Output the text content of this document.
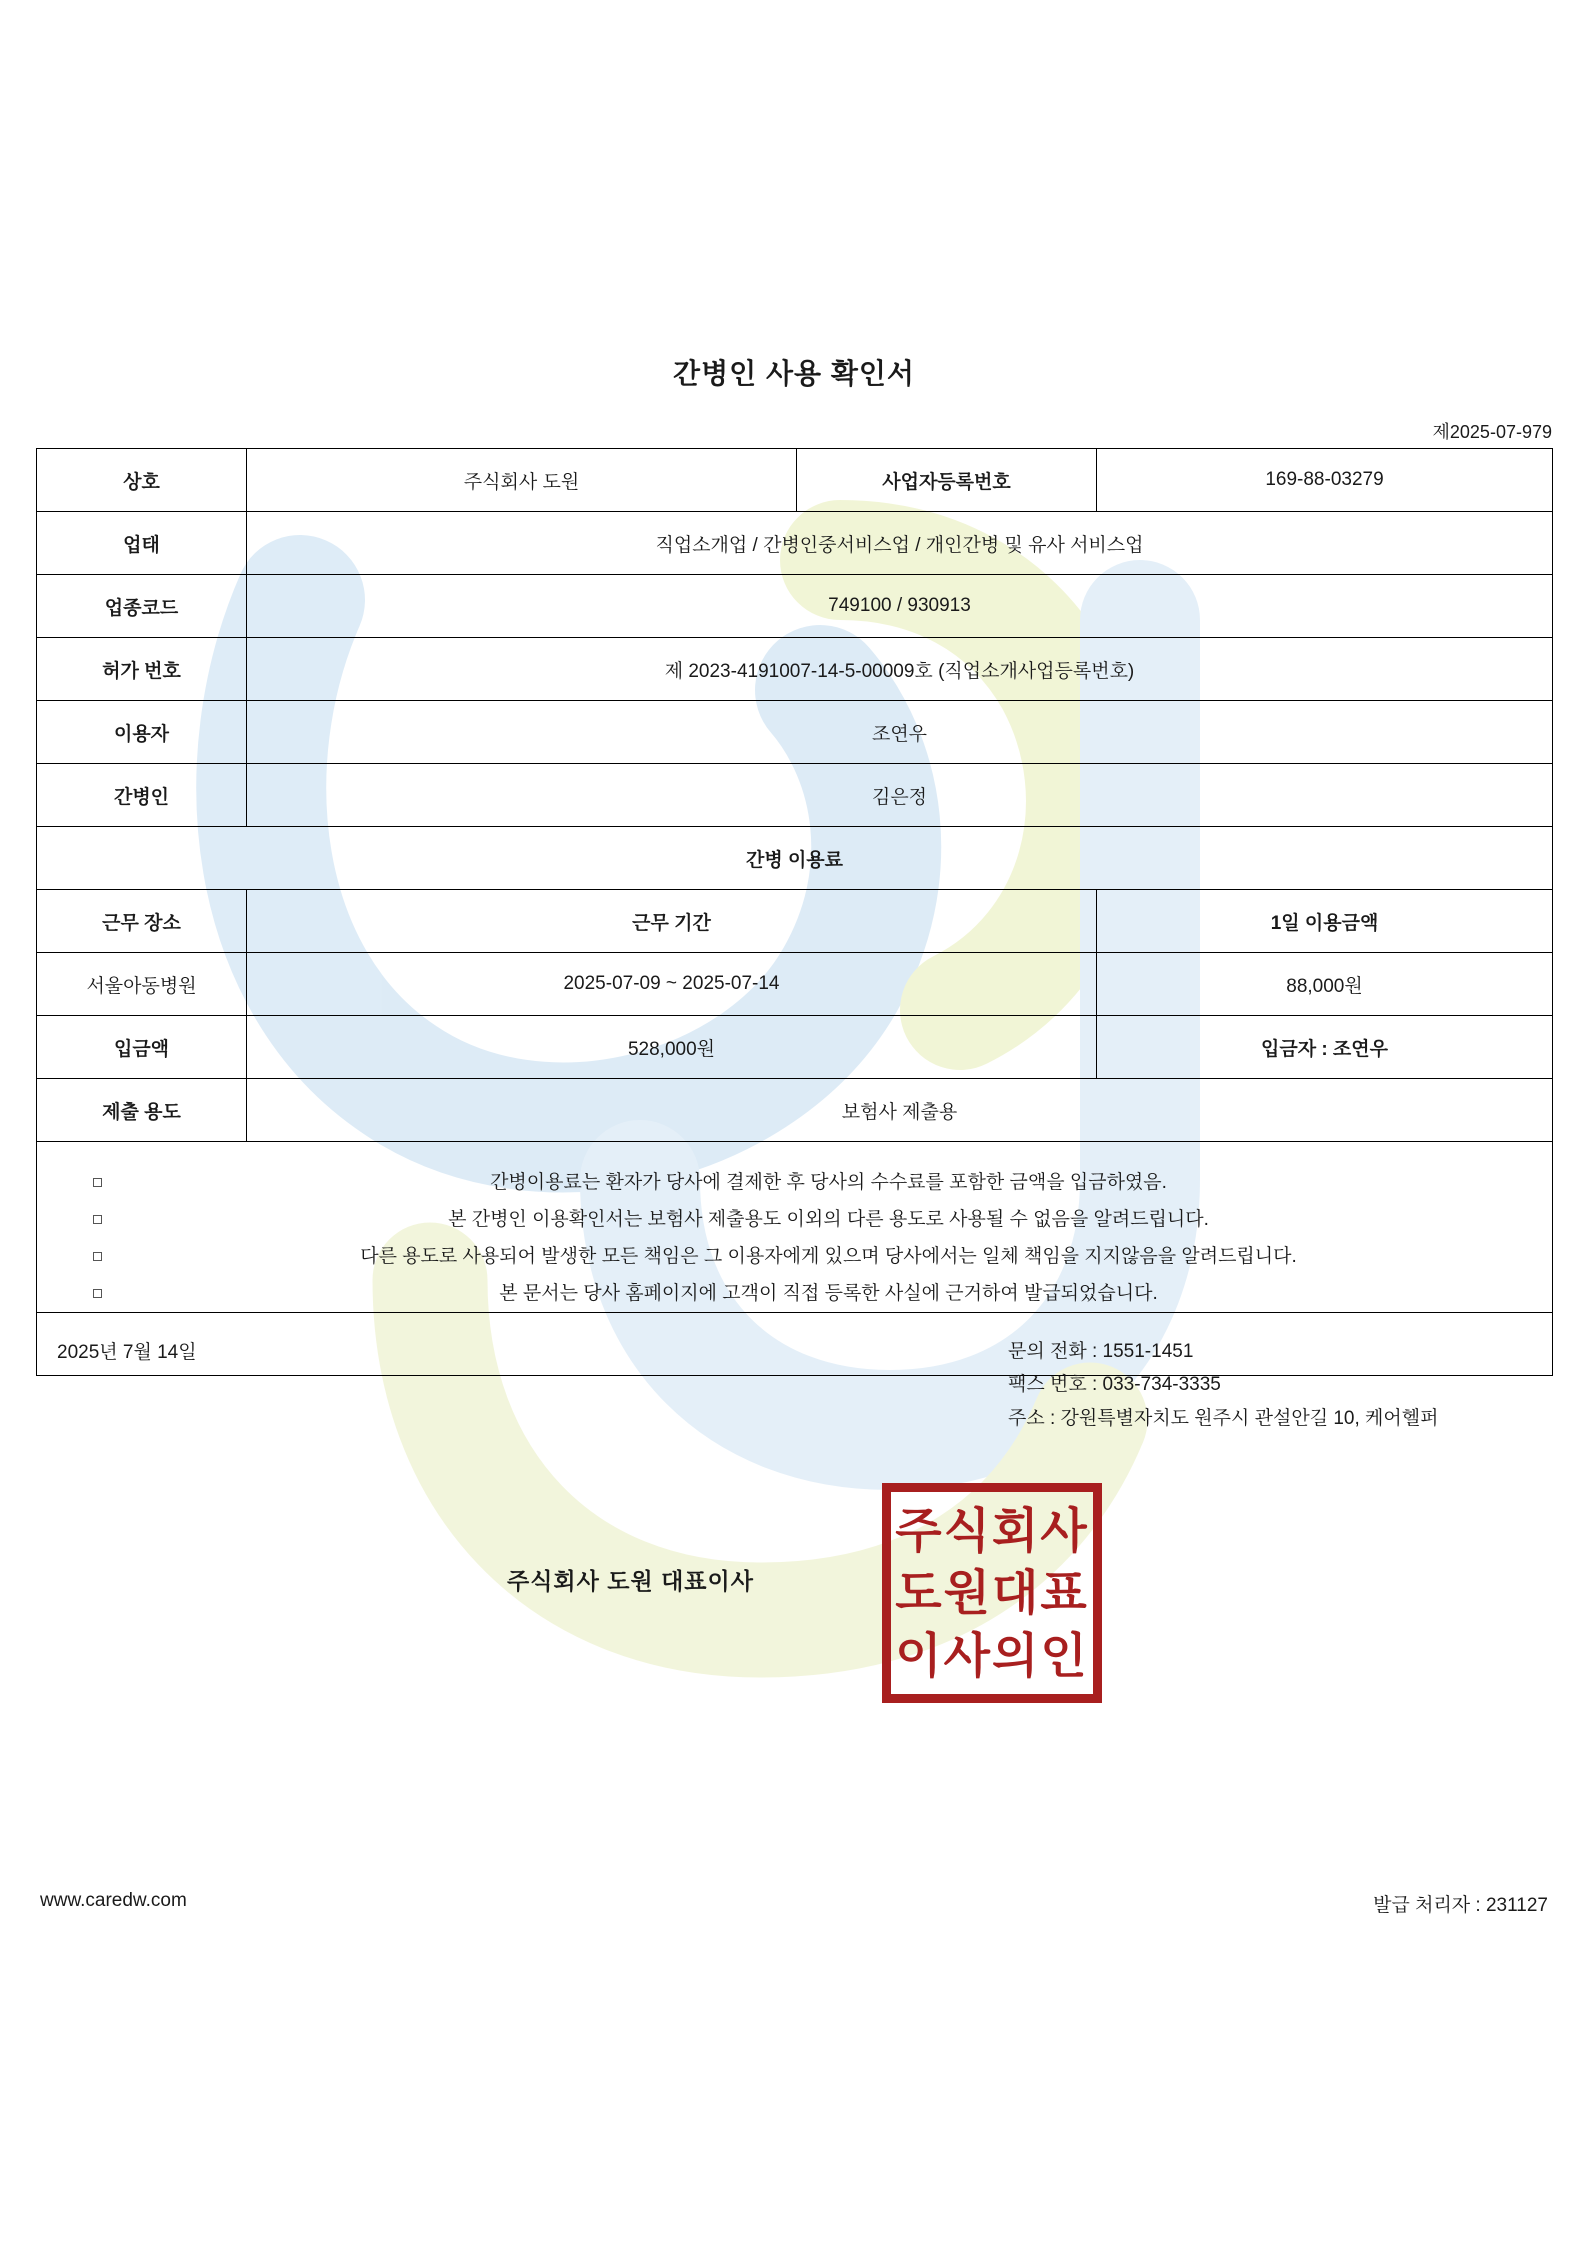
간병인 사용 확인서
제2025-07-979
상호	주식회사 도원	사업자등록번호	169-88-03279
업태	직업소개업 / 간병인중서비스업 / 개인간병 및 유사 서비스업		
업종코드	749100 / 930913		
허가 번호	제 2023-4191007-14-5-00009호 (직업소개사업등록번호)		
이용자	조연우		
간병인	김은정		
간병 이용료			
근무 장소	근무 기간		1일 이용금액
서울아동병원	2025-07-09 ~ 2025-07-14		88,000원
입금액	528,000원		입금자 : 조연우
제출 용도	보험사 제출용		

간병이용료는 환자가 당사에 결제한 후 당사의 수수료를 포함한 금액을 입금하였음.
본 간병인 이용확인서는 보험사 제출용도 이외의 다른 용도로 사용될 수 없음을 알려드립니다.
다른 용도로 사용되어 발생한 모든 책임은 그 이용자에게 있으며 당사에서는 일체 책임을 지지않음을 알려드립니다.
본 문서는 당사 홈페이지에 고객이 직접 등록한 사실에 근거하여 발급되었습니다.

2025년 7월 14일	문의 전화 : 1551-1451
팩스 번호 : 033-734-3335
주소 : 강원특별자치도 원주시 관설안길 10, 케어헬퍼
주식회사 도원 대표이사
주식회사
도원대표
이사의인
www.caredw.com	발급 처리자 : 231127
